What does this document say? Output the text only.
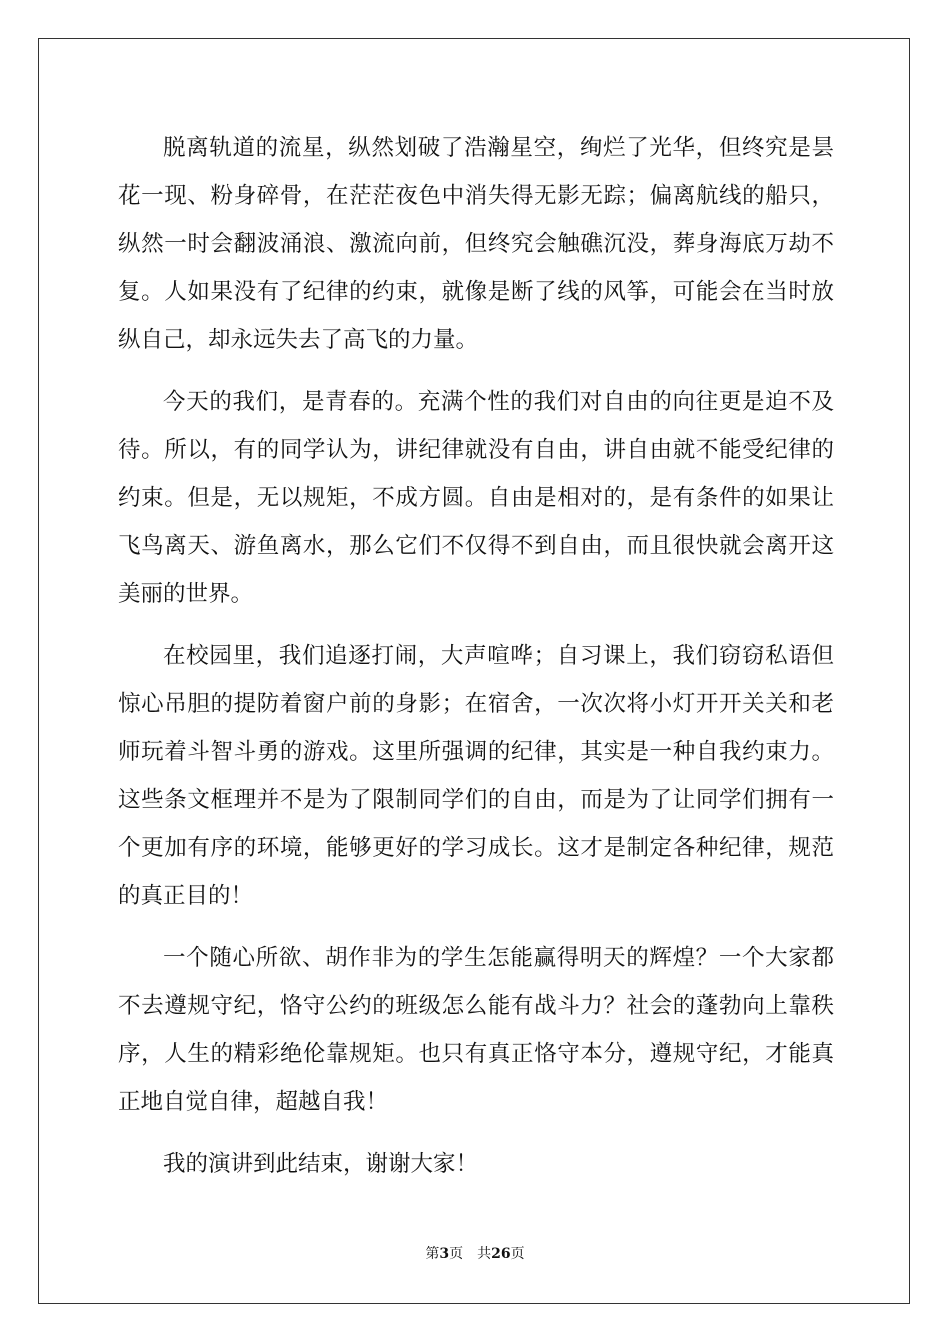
脱离轨道的流星，纵然划破了浩瀚星空，绚烂了光华，但终究是昙花一现、粉身碎骨，在茫茫夜色中消失得无影无踪；偏离航线的船只，纵然一时会翻波涌浪、激流向前，但终究会触礁沉没，葬身海底万劫不复。人如果没有了纪律的约束，就像是断了线的风筝，可能会在当时放纵自己，却永远失去了高飞的力量。

今天的我们，是青春的。充满个性的我们对自由的向往更是迫不及待。所以，有的同学认为，讲纪律就没有自由，讲自由就不能受纪律的约束。但是，无以规矩，不成方圆。自由是相对的，是有条件的如果让飞鸟离天、游鱼离水，那么它们不仅得不到自由，而且很快就会离开这美丽的世界。

在校园里，我们追逐打闹，大声喧哗；自习课上，我们窃窃私语但惊心吊胆的提防着窗户前的身影；在宿舍，一次次将小灯开开关关和老师玩着斗智斗勇的游戏。这里所强调的纪律，其实是一种自我约束力。这些条文框理并不是为了限制同学们的自由，而是为了让同学们拥有一个更加有序的环境，能够更好的学习成长。这才是制定各种纪律，规范的真正目的！

一个随心所欲、胡作非为的学生怎能赢得明天的辉煌？一个大家都不去遵规守纪，恪守公约的班级怎么能有战斗力？社会的蓬勃向上靠秩序，人生的精彩绝伦靠规矩。也只有真正恪守本分，遵规守纪，才能真正地自觉自律，超越自我！

我的演讲到此结束，谢谢大家！

第3页 共26页
